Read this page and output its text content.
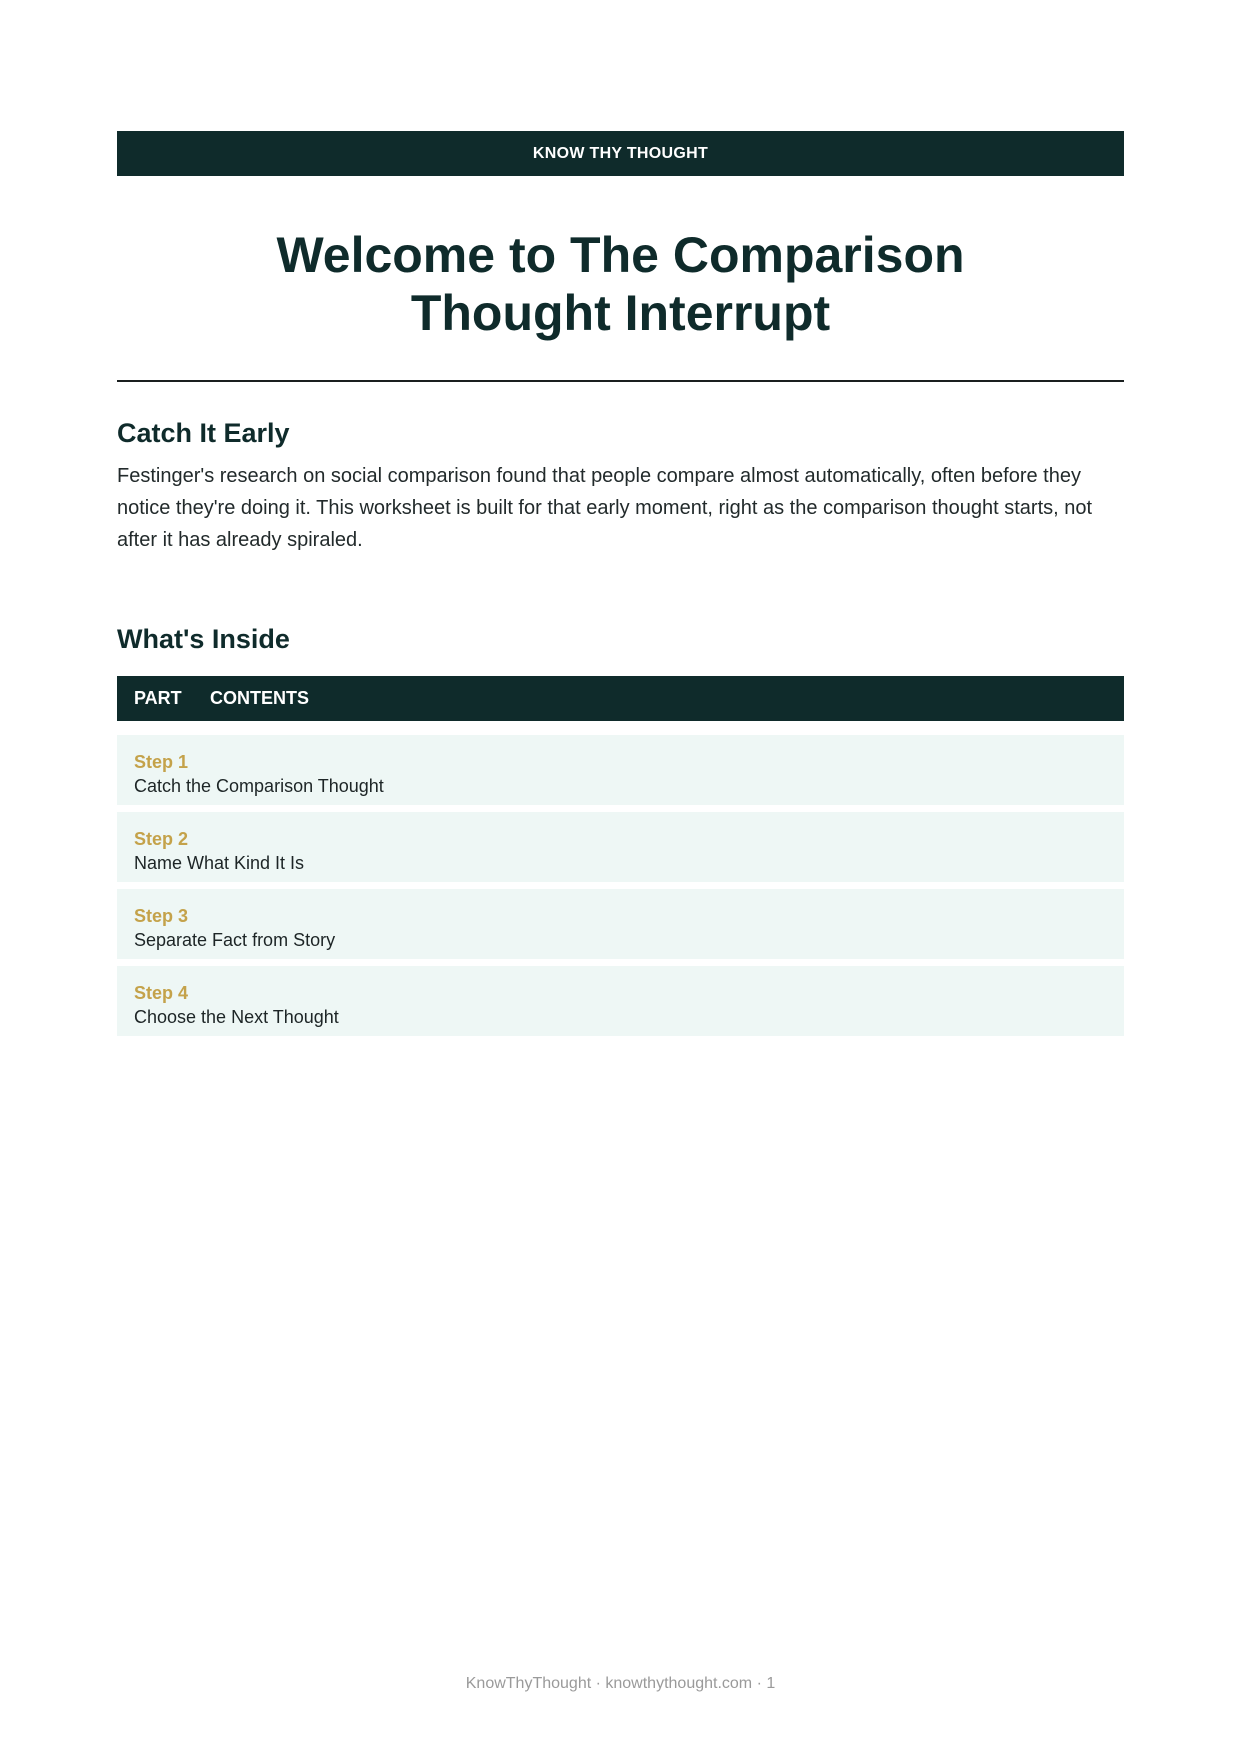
KNOW THY THOUGHT
Welcome to The Comparison
Thought Interrupt
Catch It Early

Festinger's research on social comparison found that people compare almost automatically, often before they notice they're doing it. This worksheet is built for that early moment, right as the comparison thought starts, not after it has already spiraled.

What's Inside
PART	CONTENTS
Step 1
Catch the Comparison Thought
Step 2
Name What Kind It Is
Step 3
Separate Fact from Story
Step 4
Choose the Next Thought
KnowThyThought · knowthythought.com · 1
